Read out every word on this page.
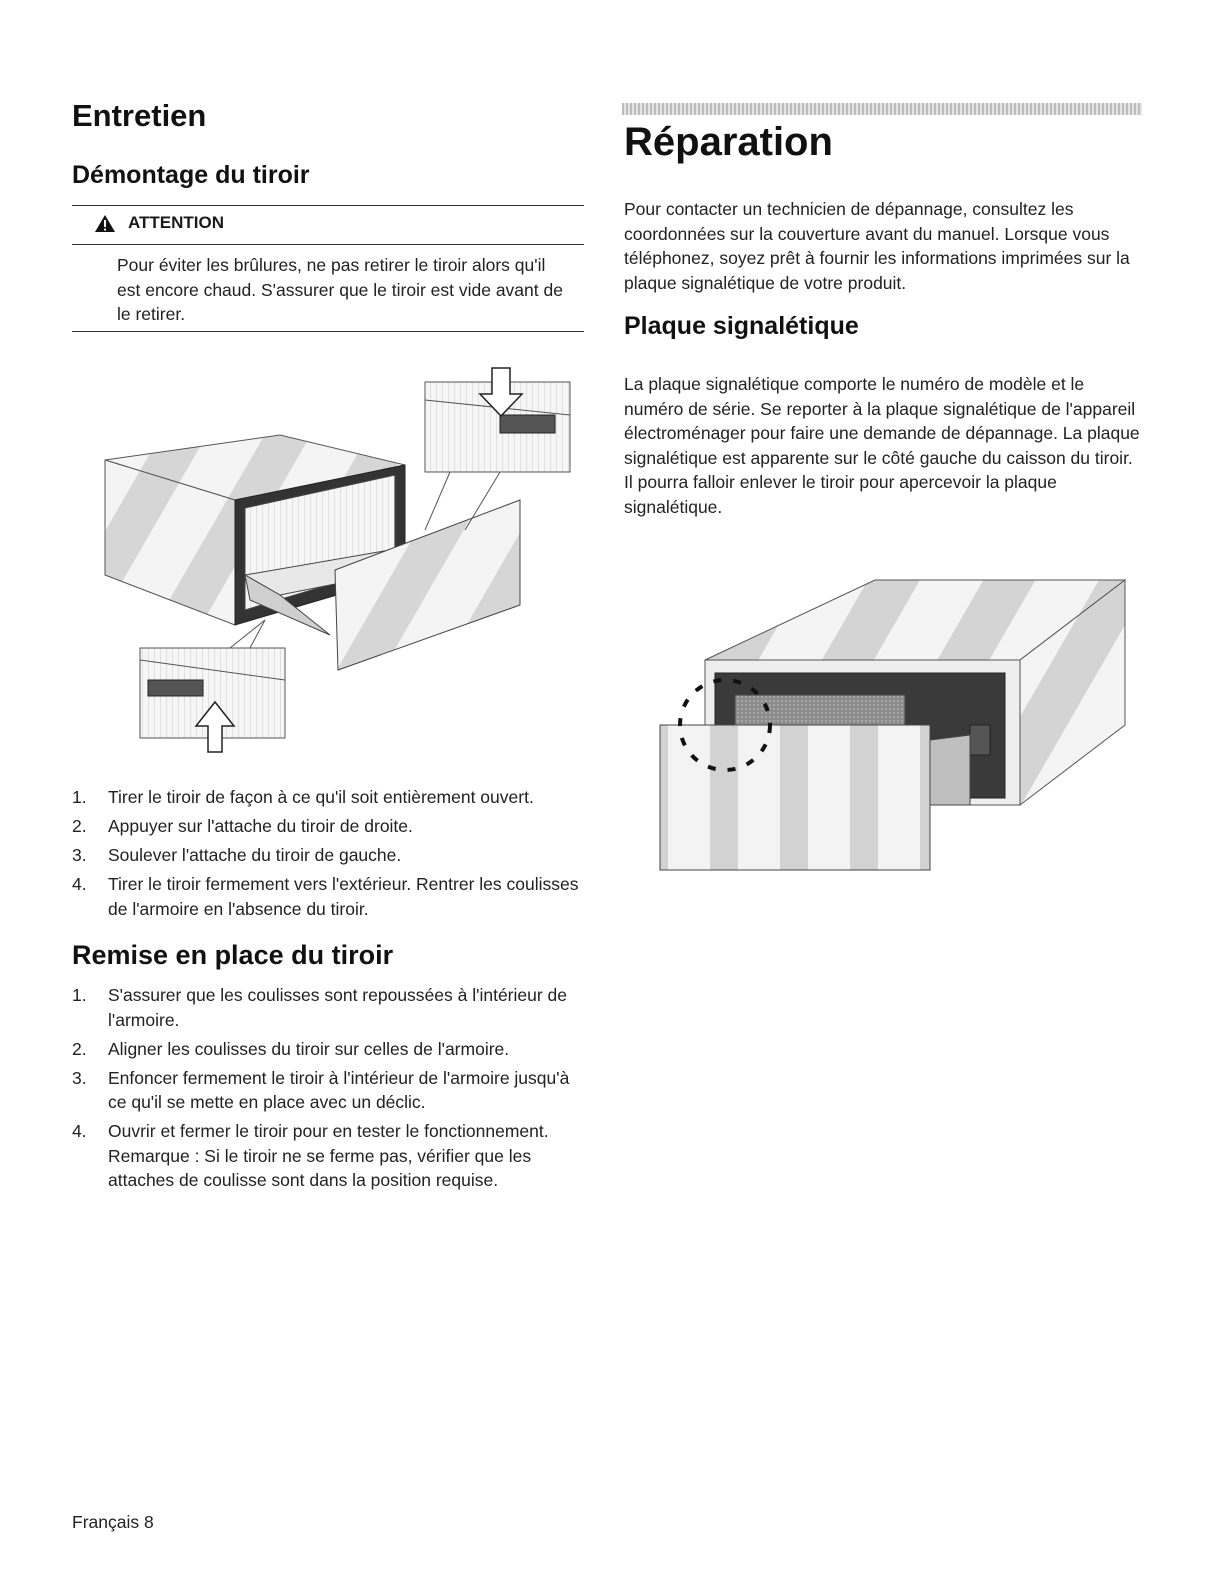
Entretien
Démontage du tiroir
ATTENTION

Pour éviter les brûlures, ne pas retirer le tiroir alors qu'il est encore chaud. S'assurer que le tiroir est vide avant de le retirer.

1. Tirer le tiroir de façon à ce qu'il soit entièrement ouvert.
2. Appuyer sur l'attache du tiroir de droite.
3. Soulever l'attache du tiroir de gauche.
4. Tirer le tiroir fermement vers l'extérieur. Rentrer les coulisses de l'armoire en l'absence du tiroir.
Remise en place du tiroir
1. S'assurer que les coulisses sont repoussées à l'intérieur de l'armoire.
2. Aligner les coulisses du tiroir sur celles de l'armoire.
3. Enfoncer fermement le tiroir à l'intérieur de l'armoire jusqu'à ce qu'il se mette en place avec un déclic.
4. Ouvrir et fermer le tiroir pour en tester le fonctionnement. Remarque : Si le tiroir ne se ferme pas, vérifier que les attaches de coulisse sont dans la position requise.
Français 8
Réparation

Pour contacter un technicien de dépannage, consultez les coordonnées sur la couverture avant du manuel. Lorsque vous téléphonez, soyez prêt à fournir les informations imprimées sur la plaque signalétique de votre produit.

Plaque signalétique

La plaque signalétique comporte le numéro de modèle et le numéro de série. Se reporter à la plaque signalétique de l'appareil électroménager pour faire une demande de dépannage. La plaque signalétique est apparente sur le côté gauche du caisson du tiroir. Il pourra falloir enlever le tiroir pour apercevoir la plaque signalétique.
